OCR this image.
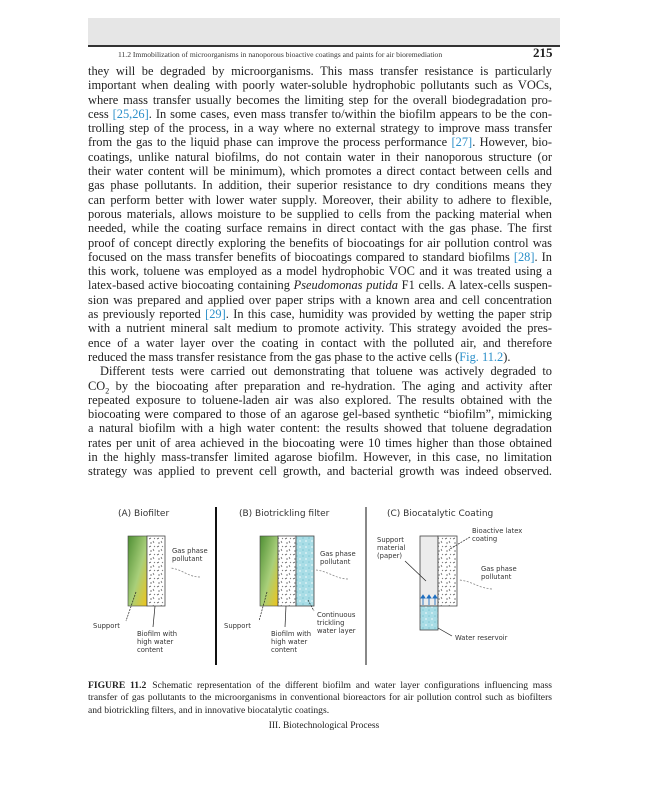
11.2 Immobilization of microorganisms in nanoporous bioactive coatings and paints for air bioremediation	215
they will be degraded by microorganisms. This mass transfer resistance is particularly
important when dealing with poorly water-soluble hydrophobic pollutants such as VOCs,
where mass transfer usually becomes the limiting step for the overall biodegradation pro-
cess [25,26]. In some cases, even mass transfer to/within the biofilm appears to be the con-
trolling step of the process, in a way where no external strategy to improve mass transfer
from the gas to the liquid phase can improve the process performance [27]. However, bio-
coatings, unlike natural biofilms, do not contain water in their nanoporous structure (or
their water content will be minimum), which promotes a direct contact between cells and
gas phase pollutants. In addition, their superior resistance to dry conditions means they
can perform better with lower water supply. Moreover, their ability to adhere to flexible,
porous materials, allows moisture to be supplied to cells from the packing material when
needed, while the coating surface remains in direct contact with the gas phase. The first
proof of concept directly exploring the benefits of biocoatings for air pollution control was
focused on the mass transfer benefits of biocoatings compared to standard biofilms [28]. In
this work, toluene was employed as a model hydrophobic VOC and it was treated using a
latex-based active biocoating containing Pseudomonas putida F1 cells. A latex-cells suspen-
sion was prepared and applied over paper strips with a known area and cell concentration
as previously reported [29]. In this case, humidity was provided by wetting the paper strip
with a nutrient mineral salt medium to promote activity. This strategy avoided the pres-
ence of a water layer over the coating in contact with the polluted air, and therefore
reduced the mass transfer resistance from the gas phase to the active cells (Fig. 11.2).
Different tests were carried out demonstrating that toluene was actively degraded to
$CO_2$ by the biocoating after preparation and re-hydration. The aging and activity after
repeated exposure to toluene-laden air was also explored. The results obtained with the
biocoating were compared to those of an agarose gel-based synthetic “biofilm”, mimicking
a natural biofilm with a high water content: the results showed that toluene degradation
rates per unit of area achieved in the biocoating were 10 times higher than those obtained
in the highly mass-transfer limited agarose biofilm. However, in this case, no limitation
strategy was applied to prevent cell growth, and bacterial growth was indeed observed.
(A) Biofilter
Gas phase
pollutant
Support
Biofilm with
high water
content
(B) Biotrickling filter
Gas phase
pollutant
Support
Biofilm with
high water
content
Continuous
trickling
water layer
(C) Biocatalytic Coating
Support
material
(paper)
Bioactive latex
coating
Gas phase
pollutant
Water reservoir
FIGURE 11.2 Schematic representation of the different biofilm and water layer configurations influencing mass transfer of gas pollutants to the microorganisms in conventional bioreactors for air pollution control such as biofilters and biotrickling filters, and in innovative biocatalytic coatings.
III. Biotechnological Process
